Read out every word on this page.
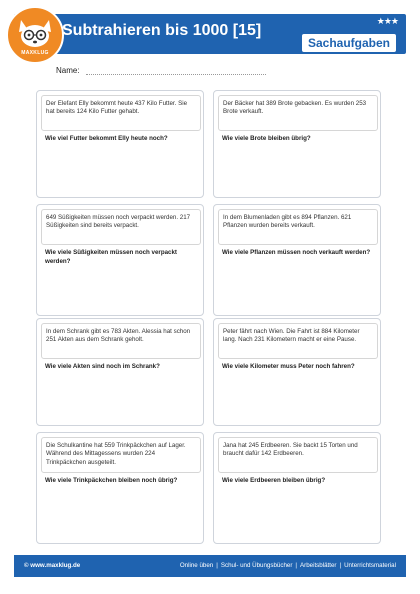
MAXKLUG
Subtrahieren bis 1000 [15]
★★★
Sachaufgaben
Name:
Der Elefant Elly bekommt heute 437 Kilo Futter. Sie hat bereits 124 Kilo Futter gehabt.
Wie viel Futter bekommt Elly heute noch?
Der Bäcker hat 389 Brote gebacken. Es wurden 253 Brote verkauft.
Wie viele Brote bleiben übrig?
649 Süßigkeiten müssen noch verpackt werden. 217 Süßigkeiten sind bereits verpackt.
Wie viele Süßigkeiten müssen noch verpackt werden?
In dem Blumenladen gibt es 894 Pflanzen. 621 Pflanzen wurden bereits verkauft.
Wie viele Pflanzen müssen noch verkauft werden?
In dem Schrank gibt es 783 Akten. Alessia hat schon 251 Akten aus dem Schrank geholt.
Wie viele Akten sind noch im Schrank?
Peter fährt nach Wien. Die Fahrt ist 884 Kilometer lang. Nach 231 Kilometern macht er eine Pause.
Wie viele Kilometer muss Peter noch fahren?
Die Schulkantine hat 559 Trinkpäckchen auf Lager. Während des Mittagessens wurden 224 Trinkpäckchen ausgeteilt.
Wie viele Trinkpäckchen bleiben noch übrig?
Jana hat 245 Erdbeeren. Sie backt 15 Torten und braucht dafür 142 Erdbeeren.
Wie viele Erdbeeren bleiben übrig?
© www.maxklug.de	Online üben | Schul- und Übungsbücher | Arbeitsblätter | Unterrichtsmaterial
